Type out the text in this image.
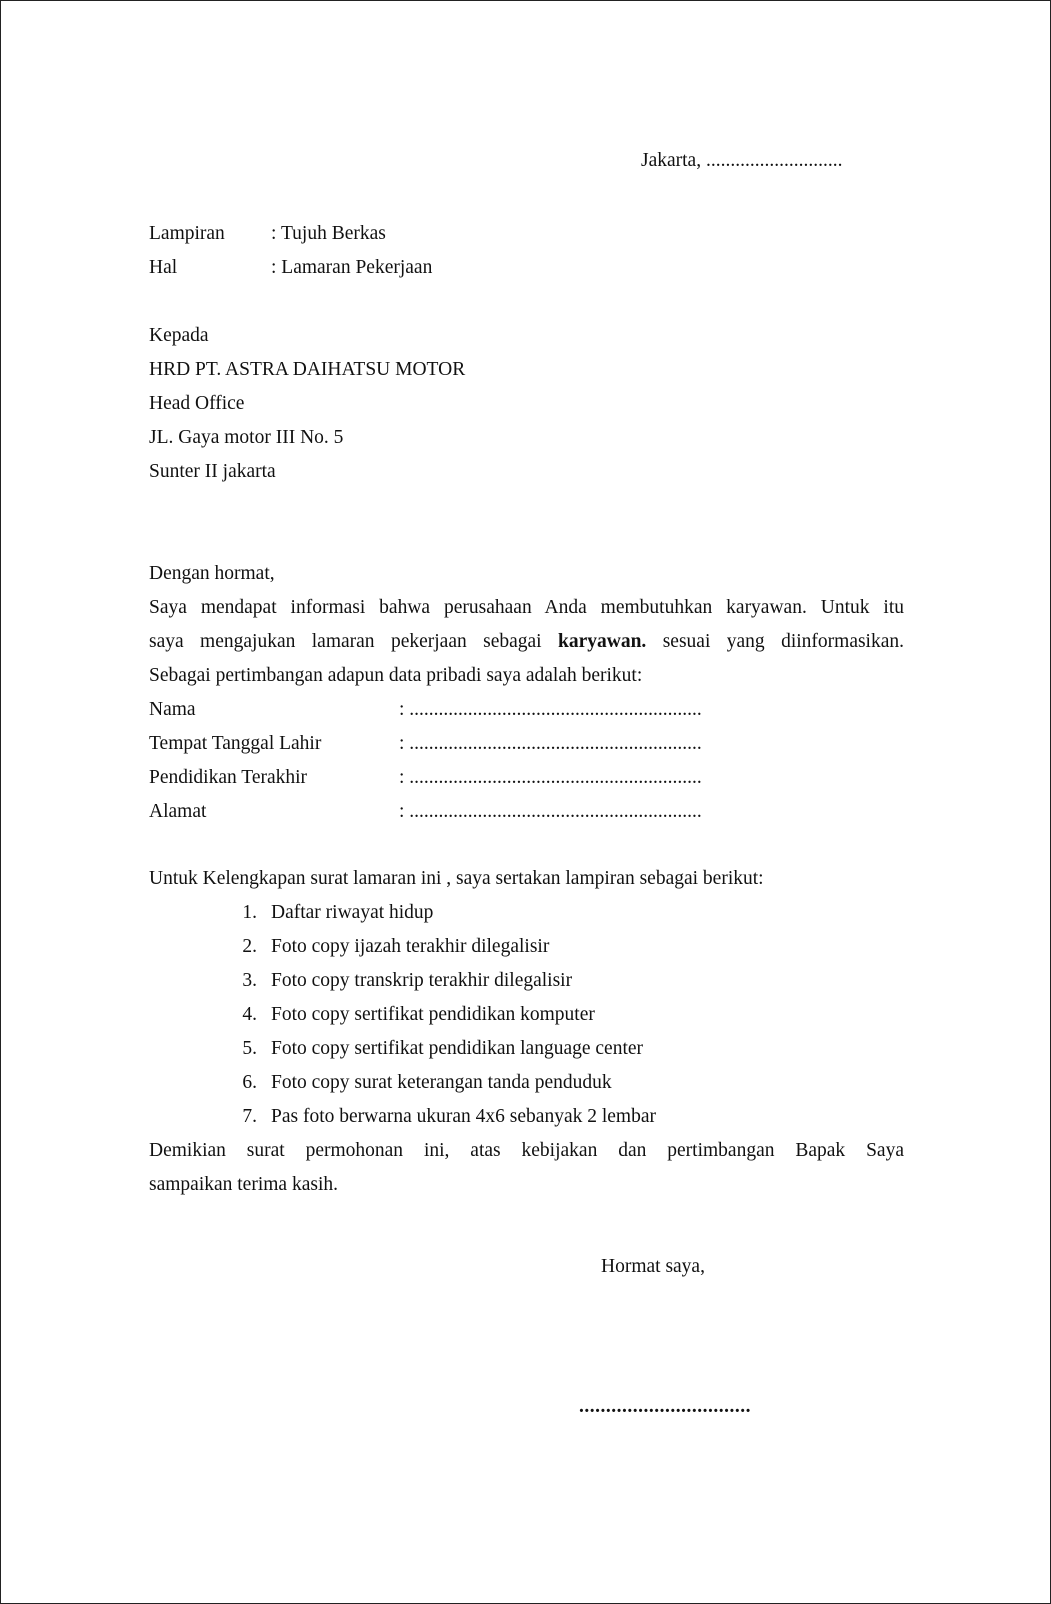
Jakarta, ............................
Lampiran : Tujuh Berkas
Hal	: Lamaran Pekerjaan
Kepada
HRD PT. ASTRA DAIHATSU MOTOR
Head Office
JL. Gaya motor III No. 5
Sunter II jakarta
Dengan hormat,
Saya mendapat informasi bahwa perusahaan Anda membutuhkan karyawan. Untuk itu
saya mengajukan lamaran pekerjaan sebagai karyawan. sesuai yang diinformasikan.
Sebagai pertimbangan adapun data pribadi saya adalah berikut:
Nama	: ............................................................
Tempat Tanggal Lahir	: ............................................................
Pendidikan Terakhir	: ............................................................
Alamat	: ............................................................
Untuk Kelengkapan surat lamaran ini , saya sertakan lampiran sebagai berikut:
1. Daftar riwayat hidup
2. Foto copy ijazah terakhir dilegalisir
3. Foto copy transkrip terakhir dilegalisir
4. Foto copy sertifikat pendidikan komputer
5. Foto copy sertifikat pendidikan language center
6. Foto copy surat keterangan tanda penduduk
7. Pas foto berwarna ukuran 4x6 sebanyak 2 lembar
Demikian surat permohonan ini, atas kebijakan dan pertimbangan Bapak Saya
sampaikan terima kasih.
Hormat saya,
................................
